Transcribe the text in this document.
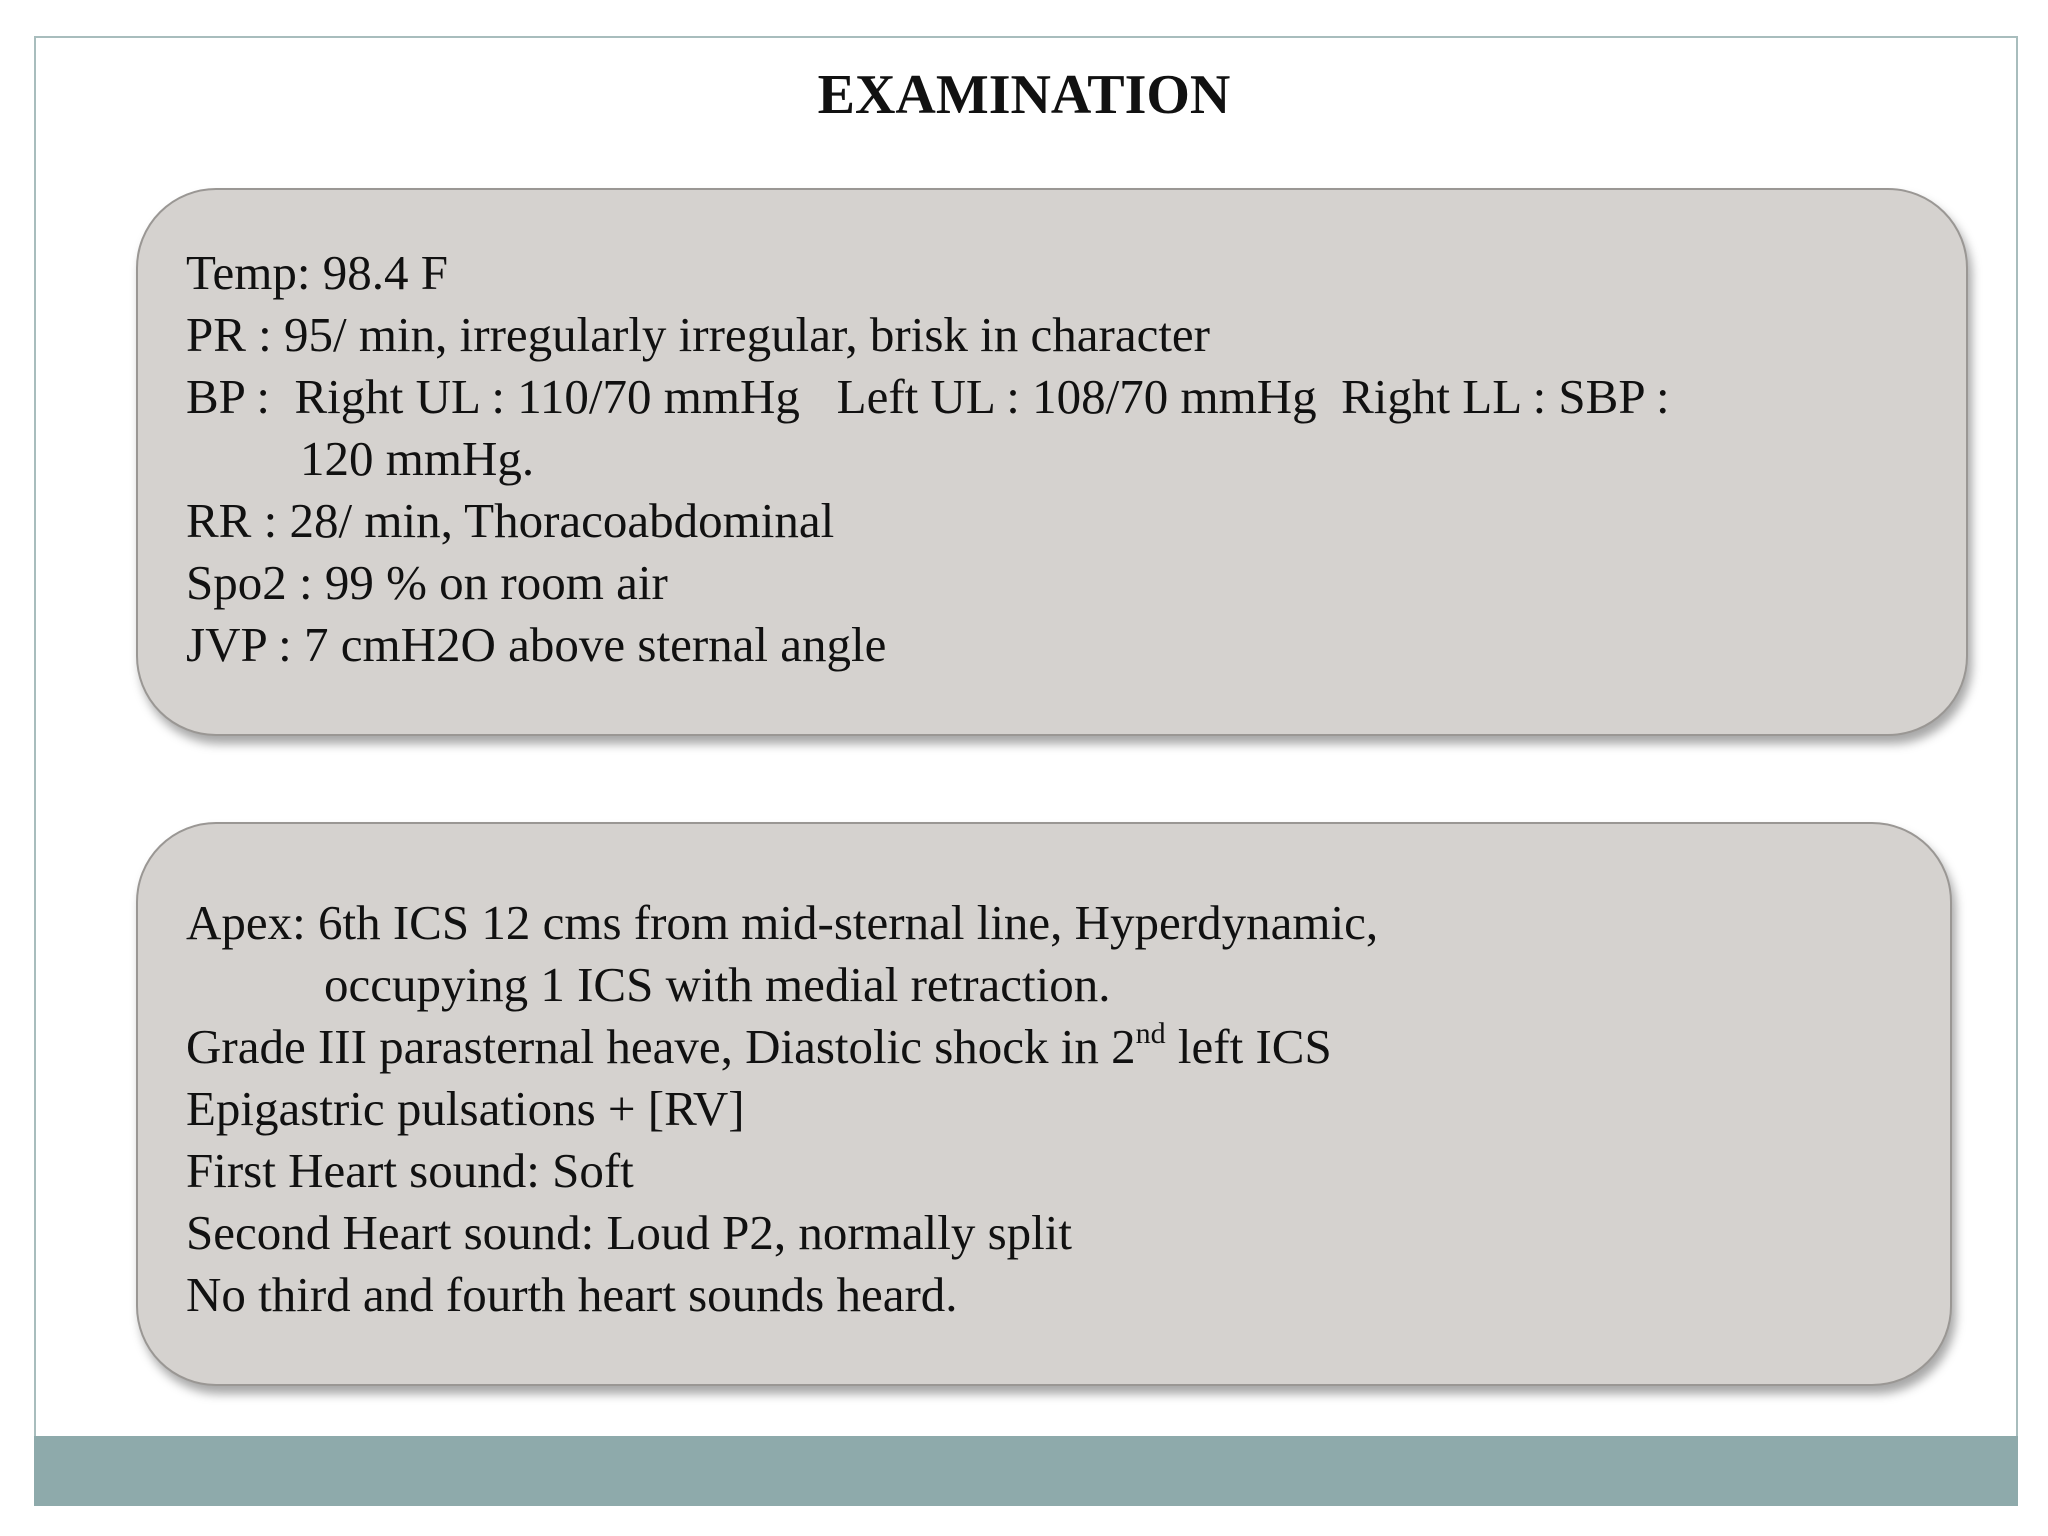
EXAMINATION
Temp: 98.4 F
PR : 95/ min, irregularly irregular, brisk in character
BP :  Right UL : 110/70 mmHg   Left UL : 108/70 mmHg  Right LL : SBP :
120 mmHg.
RR : 28/ min, Thoracoabdominal
Spo2 : 99 % on room air
JVP : 7 cmH2O above sternal angle
Apex: 6th ICS 12 cms from mid-sternal line, Hyperdynamic,
occupying 1 ICS with medial retraction.
Grade III parasternal heave, Diastolic shock in 2nd left ICS
Epigastric pulsations + [RV]
First Heart sound: Soft
Second Heart sound: Loud P2, normally split
No third and fourth heart sounds heard.
